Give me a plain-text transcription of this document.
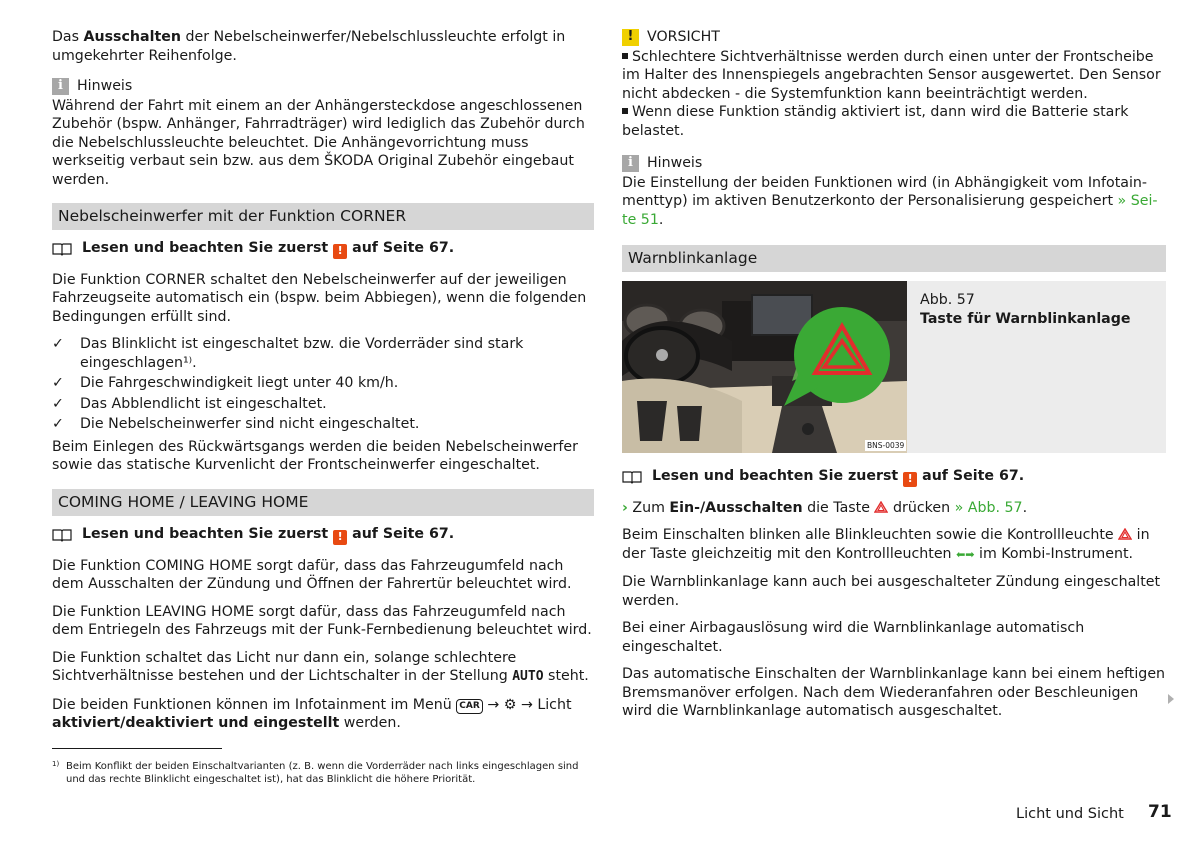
Das Ausschalten der Nebelscheinwerfer/Nebelschlussleuchte erfolgt in umgekehrter Reihenfolge.

i Hinweis

Während der Fahrt mit einem an der Anhängersteckdose angeschlossenen Zubehör (bspw. Anhänger, Fahrradträger) wird lediglich das Zubehör durch die Nebelschlussleuchte beleuchtet. Die Anhängevorrichtung muss werkseitig verbaut sein bzw. aus dem ŠKODA Original Zubehör eingebaut werden.

Nebelscheinwerfer mit der Funktion CORNER
Lesen und beachten Sie zuerst ! auf Seite 67.

Die Funktion CORNER schaltet den Nebelscheinwerfer auf der jeweiligen Fahrzeugseite automatisch ein (bspw. beim Abbiegen), wenn die folgenden Bedingungen erfüllt sind.

✓ Das Blinklicht ist eingeschaltet bzw. die Vorderräder sind stark eingeschlagen¹⁾.
✓ Die Fahrgeschwindigkeit liegt unter 40 km/h.
✓ Das Abblendlicht ist eingeschaltet.
✓ Die Nebelscheinwerfer sind nicht eingeschaltet.

Beim Einlegen des Rückwärtsgangs werden die beiden Nebelscheinwerfer sowie das statische Kurvenlicht der Frontscheinwerfer eingeschaltet.

COMING HOME / LEAVING HOME
Lesen und beachten Sie zuerst ! auf Seite 67.

Die Funktion COMING HOME sorgt dafür, dass das Fahrzeugumfeld nach dem Ausschalten der Zündung und Öffnen der Fahrertür beleuchtet wird.

Die Funktion LEAVING HOME sorgt dafür, dass das Fahrzeugumfeld nach dem Entriegeln des Fahrzeugs mit der Funk-Fernbedienung beleuchtet wird.

Die Funktion schaltet das Licht nur dann ein, solange schlechtere Sichtverhältnisse bestehen und der Lichtschalter in der Stellung AUTO steht.

Die beiden Funktionen können im Infotainment im Menü CAR → ⚙ → Licht aktiviert/deaktiviert und eingestellt werden.

1) Beim Konflikt der beiden Einschaltvarianten (z. B. wenn die Vorderräder nach links eingeschlagen sind und das rechte Blinklicht eingeschaltet ist), hat das Blinklicht die höhere Priorität.
! VORSICHT
Schlechtere Sichtverhältnisse werden durch einen unter der Frontscheibe im Halter des Innenspiegels angebrachten Sensor ausgewertet. Den Sensor nicht abdecken - die Systemfunktion kann beeinträchtigt werden.

Wenn diese Funktion ständig aktiviert ist, dann wird die Batterie stark belastet.

i Hinweis

Die Einstellung der beiden Funktionen wird (in Abhängigkeit vom Infotainmenttyp) im aktiven Benutzerkonto der Personalisierung gespeichert » Seite 51.

Warnblinkanlage
BNS-0039
Abb. 57
Taste für Warnblinkanlage
Lesen und beachten Sie zuerst ! auf Seite 67.

› Zum Ein-/Ausschalten die Taste  drücken » Abb. 57.

Beim Einschalten blinken alle Blinkleuchten sowie die Kontrollleuchte  in der Taste gleichzeitig mit den Kontrollleuchten ⬅➡ im Kombi-Instrument.

Die Warnblinkanlage kann auch bei ausgeschalteter Zündung eingeschaltet werden.

Bei einer Airbagauslösung wird die Warnblinkanlage automatisch eingeschaltet.

Das automatische Einschalten der Warnblinkanlage kann bei einem heftigen Bremsmanöver erfolgen. Nach dem Wiederanfahren oder Beschleunigen wird die Warnblinkanlage automatisch ausgeschaltet.

Licht und Sicht 71
